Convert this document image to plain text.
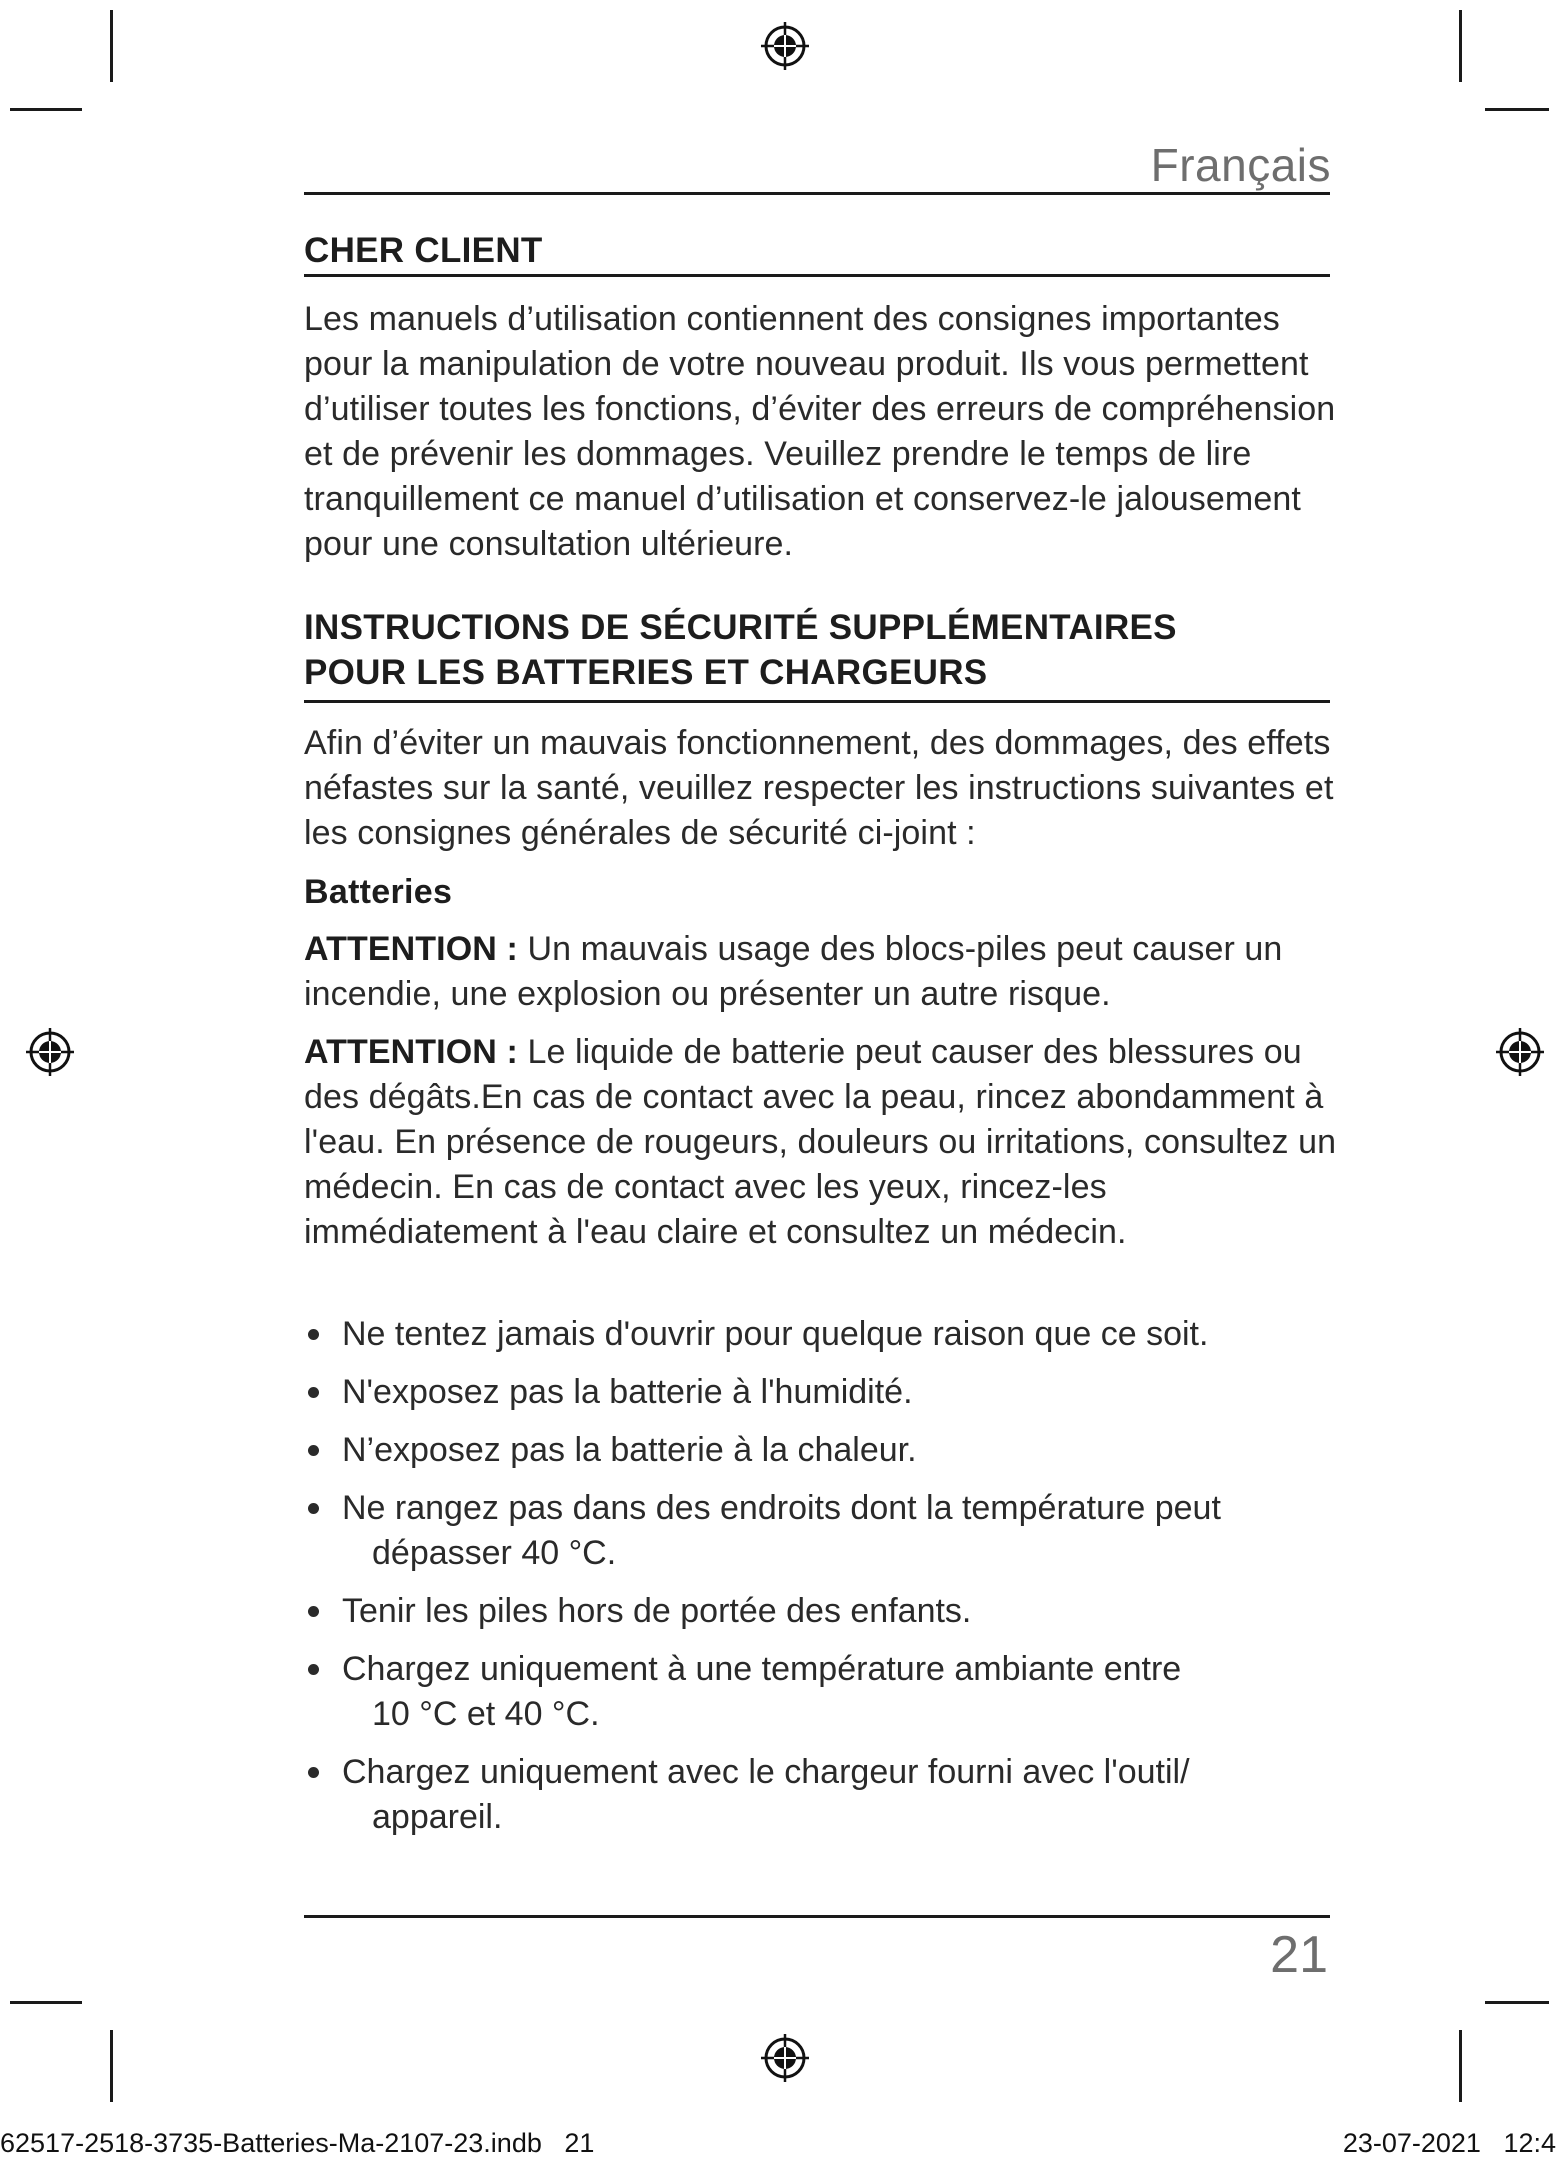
Français
CHER CLIENT
Les manuels d’utilisation contiennent des consignes importantes pour la manipulation de votre nouveau produit. Ils vous permettent d’utiliser toutes les fonctions, d’éviter des erreurs de compréhension et de prévenir les dommages. Veuillez prendre le temps de lire tranquillement ce manuel d’utilisation et conservez-le jalousement pour une consultation ultérieure.
INSTRUCTIONS DE SÉCURITÉ SUPPLÉMENTAIRES
POUR LES BATTERIES ET CHARGEURS
Afin d’éviter un mauvais fonctionnement, des dommages, des effets néfastes sur la santé, veuillez respecter les instructions suivantes et les consignes générales de sécurité ci-joint :
Batteries
ATTENTION : Un mauvais usage des blocs-piles peut causer un incendie, une explosion ou présenter un autre risque.
ATTENTION : Le liquide de batterie peut causer des blessures ou des dégâts.En cas de contact avec la peau, rincez abondamment à l'eau. En présence de rougeurs, douleurs ou irritations, consultez un médecin. En cas de contact avec les yeux, rincez-les immédiatement à l'eau claire et consultez un médecin.
Ne tentez jamais d'ouvrir pour quelque raison que ce soit.
N'exposez pas la batterie à l'humidité.
N’exposez pas la batterie à la chaleur.
Ne rangez pas dans des endroits dont la température peut
dépasser 40 °C.
Tenir les piles hors de portée des enfants.
Chargez uniquement à une température ambiante entre
10 °C et 40 °C.
Chargez uniquement avec le chargeur fourni avec l'outil/
appareil.
21
62517-2518-3735-Batteries-Ma-2107-23.indb   21	23-07-2021   12:4
